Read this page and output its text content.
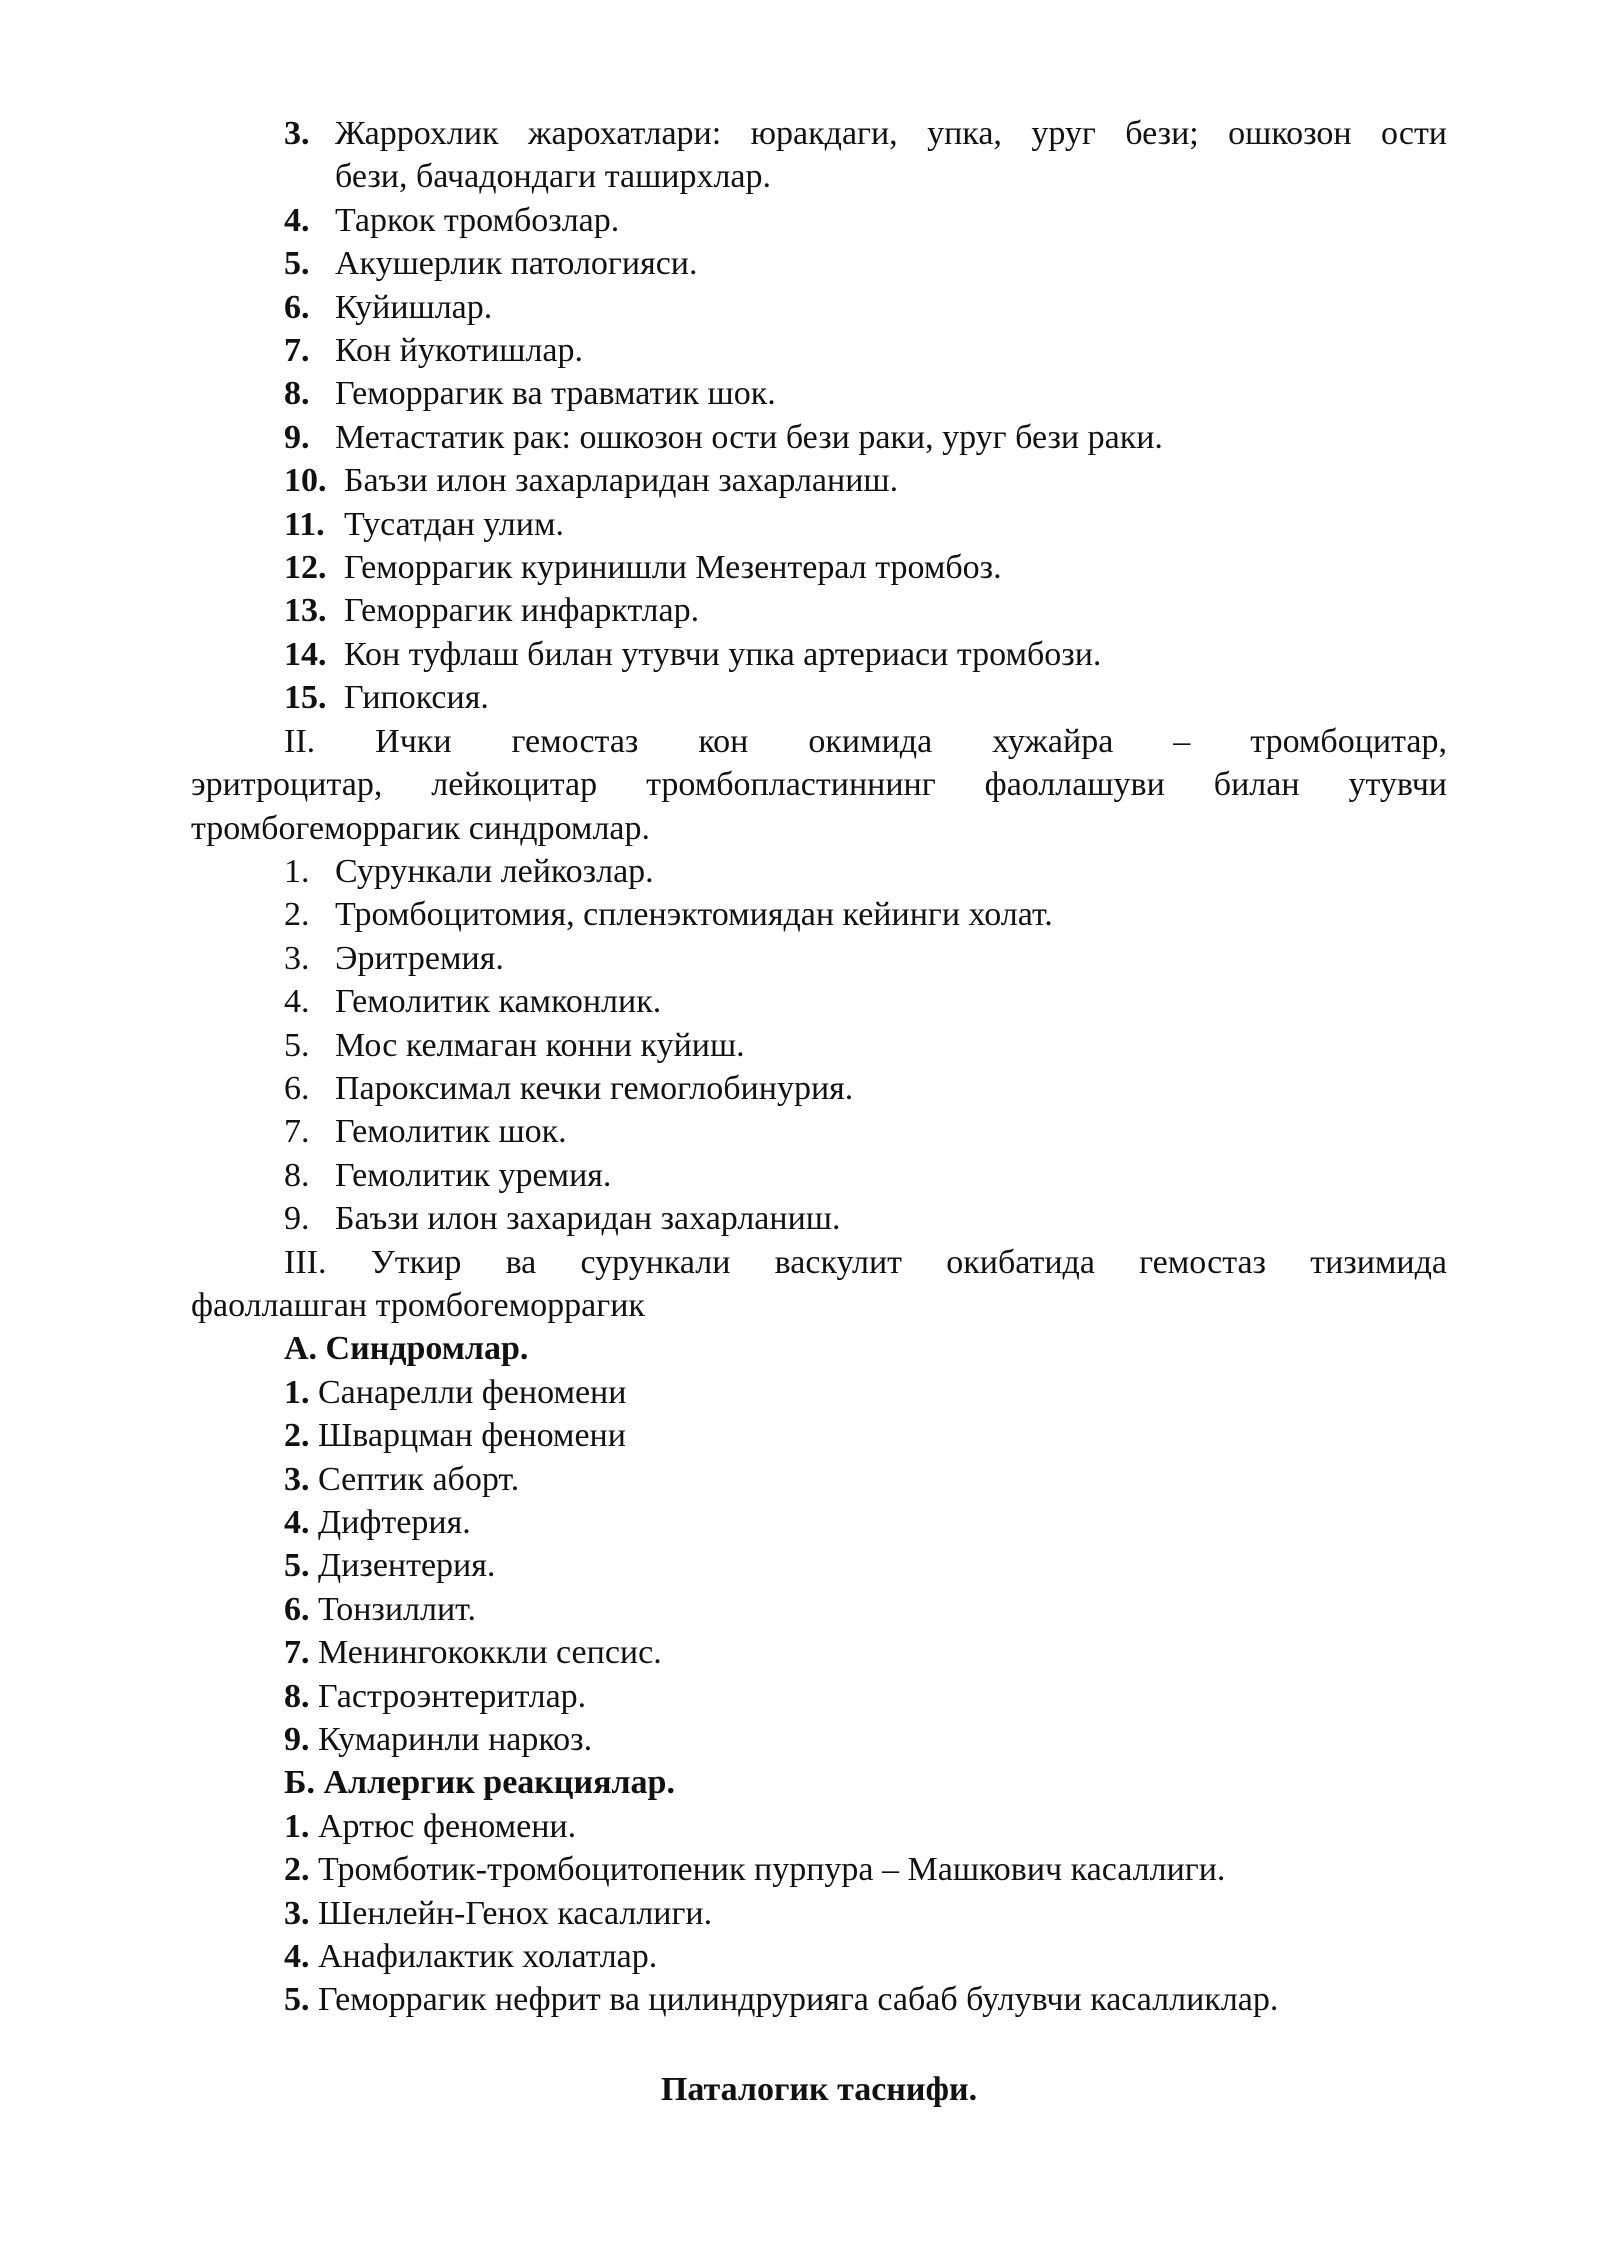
3. Жаррохлик жарохатлари: юракдаги, упка, уруг бези; ошкозон ости
бези, бачадондаги таширхлар.
4. Таркок тромбозлар.
5. Акушерлик патологияси.
6. Куйишлар.
7. Кон йукотишлар.
8. Геморрагик ва травматик шок.
9. Метастатик рак: ошкозон ости бези раки, уруг бези раки.
10. Баъзи илон захарларидан захарланиш.
11. Тусатдан улим.
12. Геморрагик куринишли Мезентерал тромбоз.
13. Геморрагик инфарктлар.
14. Кон туфлаш билан утувчи упка артериаси тромбози.
15. Гипоксия.
II. Ички гемостаз кон окимида хужайра – тромбоцитар,
эритроцитар, лейкоцитар тромбопластиннинг фаоллашуви билан утувчи
тромбогеморрагик синдромлар.
1. Сурункали лейкозлар.
2. Тромбоцитомия, спленэктомиядан кейинги холат.
3. Эритремия.
4. Гемолитик камконлик.
5. Мос келмаган конни куйиш.
6. Пароксимал кечки гемоглобинурия.
7. Гемолитик шок.
8. Гемолитик уремия.
9. Баъзи илон захаридан захарланиш.
III. Уткир ва сурункали васкулит окибатида гемостаз тизимида
фаоллашган тромбогеморрагик
А. Синдромлар.
1. Санарелли феномени
2. Шварцман феномени
3. Септик аборт.
4. Дифтерия.
5. Дизентерия.
6. Тонзиллит.
7. Менингококкли сепсис.
8. Гастроэнтеритлар.
9. Кумаринли наркоз.
Б. Аллергик реакциялар.
1. Артюс феномени.
2. Тромботик-тромбоцитопеник пурпура – Машкович касаллиги.
3. Шенлейн-Генох касаллиги.
4. Анафилактик холатлар.
5. Геморрагик нефрит ва цилиндрурияга сабаб булувчи касалликлар.
Паталогик таснифи.
